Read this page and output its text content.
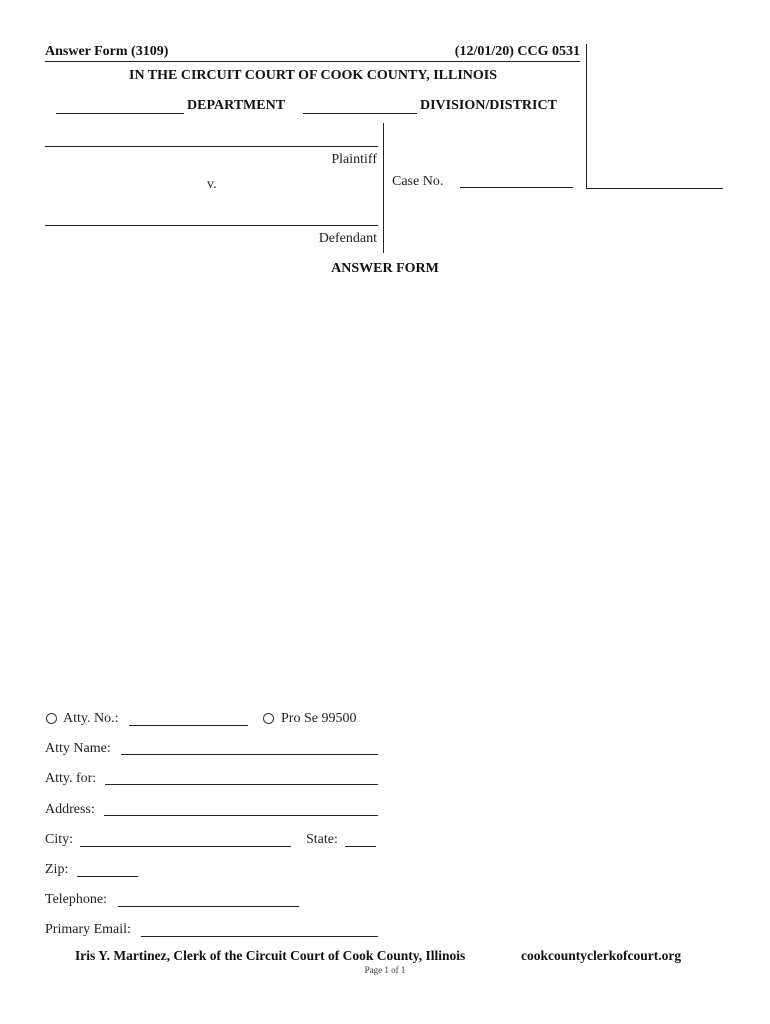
Answer Form (3109)	(12/01/20) CCG 0531
IN THE CIRCUIT COURT OF COOK COUNTY, ILLINOIS
DEPARTMENT	DIVISION/DISTRICT
Plaintiff
v.
Defendant
Case No.
ANSWER FORM
Atty. No.:	Pro Se 99500
Atty Name:
Atty. for:
Address:
City:	State:
Zip:
Telephone:
Primary Email:
Iris Y. Martinez, Clerk of the Circuit Court of Cook County, Illinois	cookcountyclerkofcourt.org
Page 1 of 1
